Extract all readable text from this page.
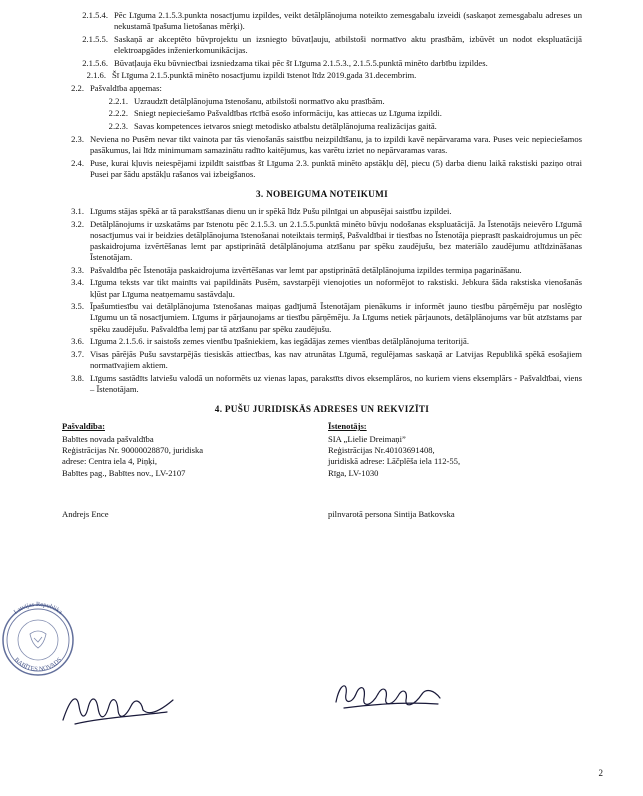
2.1.5.4. Pēc Līguma 2.1.5.3.punkta nosacījumu izpildes, veikt detālplānojuma noteikto zemesgabalu izveidi (saskaņot zemesgabalu adreses un nekustamā īpašuma lietošanas mērķi).
2.1.5.5. Saskaņā ar akceptēto būvprojektu un izsniegto būvatļauju, atbilstoši normatīvo aktu prasībām, izbūvēt un nodot ekspluatācijā elektroapgādes inženierkomunikācijas.
2.1.5.6. Būvatļauja ēku būvniecībai izsniedzama tikai pēc šī Līguma 2.1.5.3., 2.1.5.5.punktā minēto darbību izpildes.
2.1.6. Šī Līguma 2.1.5.punktā minēto nosacījumu izpildi īstenot līdz 2019.gada 31.decembrim.
2.2. Pašvaldība apņemas:
2.2.1. Uzraudzīt detālplānojuma īstenošanu, atbilstoši normatīvo aku prasībām.
2.2.2. Sniegt nepieciešamo Pašvaldības rīcībā esošo informāciju, kas attiecas uz Līguma izpildi.
2.2.3. Savas kompetences ietvaros sniegt metodisko atbalstu detālplānojuma realizācijas gaitā.
2.3. Neviena no Pusēm nevar tikt vainota par tās vienošanās saistību neizpildīšanu, ja to izpildi kavē nepārvarama vara. Puses veic nepieciešamos pasākumus, lai līdz minimumam samazinātu radīto kaitējumus, kas varētu izriet no nepārvaramas varas.
2.4. Puse, kurai kļuvis neiespējami izpildīt saistības šī Līguma 2.3. punktā minēto apstākļu dēļ, piecu (5) darba dienu laikā rakstiski paziņo otrai Pusei par šādu apstākļu rašanos vai izbeigšanos.
3. NOBEIGUMA NOTEIKUMI
3.1. Līgums stājas spēkā ar tā parakstīšanas dienu un ir spēkā līdz Pušu pilnīgai un abpusējai saistību izpildei.
3.2. Detālplānojums ir uzskatāms par īstenotu pēc 2.1.5.3. un 2.1.5.5.punktā minēto būvju nodošanas ekspluatācijā. Ja Īstenotājs neievēro Līgumā nosacījumus vai ir beidzies detālplānojuma īstenošanai noteiktais termiņš, Pašvaldībai ir tiesības no Īstenotāja pieprasīt paskaidrojumus un pēc paskaidrojuma izvērtēšanas lemt par apstiprinātā detālplānojuma atzīšanu par spēku zaudējušu, bez materiālo zaudējumu atlīdzināšanas Īstenotājam.
3.3. Pašvaldība pēc Īstenotāja paskaidrojuma izvērtēšanas var lemt par apstiprinātā detālplānojuma izpildes termiņa pagarināšanu.
3.4. Līguma teksts var tikt mainīts vai papildināts Pusēm, savstarpēji vienojoties un noformējot to rakstiski. Jebkura šāda rakstiska vienošanās kļūst par Līguma neatņemamu sastāvdaļu.
3.5. Īpašumtiesību vai detālplānojuma īstenošanas maiņas gadījumā Īstenotājam pienākums ir informēt jauno tiesību pārņēmēju par noslēgto Līgumu un tā nosacījumiem. Līgums ir pārjaunojams ar tiesību pārņēmēju. Ja Līgums netiek pārjaunots, detālplānojums var būt atzīstams par spēku zaudējušu. Pašvaldība lemj par tā atzīšanu par spēku zaudējušu.
3.6. Līguma 2.1.5.6. ir saistošs zemes vienību īpašniekiem, kas iegādājas zemes vienības detālplānojuma teritorijā.
3.7. Visas pārējās Pušu savstarpējās tiesiskās attiecības, kas nav atrunātas Līgumā, regulējamas saskaņā ar Latvijas Republikā spēkā esošajiem normatīvajiem aktiem.
3.8. Līgums sastādīts latviešu valodā un noformēts uz vienas lapas, parakstīts divos eksemplāros, no kuriem viens eksemplārs - Pašvaldībai, viens – Īstenotājam.
4. PUŠU JURIDISKĀS ADRESES UN REKVIZĪTI
Pašvaldība:
Babītes novada pašvaldība
Reģistrācijas Nr. 90000028870, juridiska
adrese: Centra iela 4, Piņķi,
Babītes pag., Babītes nov., LV-2107
Īstenotājs:
SIA „Lielie Dreimaņi”
Reģistrācijas Nr.40103691408,
juridiskā adrese: Lāčplēša iela 112-55,
Rīga, LV-1030
Andrejs Ence	pilnvarotā persona Sintija Batkovska
Latvijas Republika
BABĪTES NOVADS
2
